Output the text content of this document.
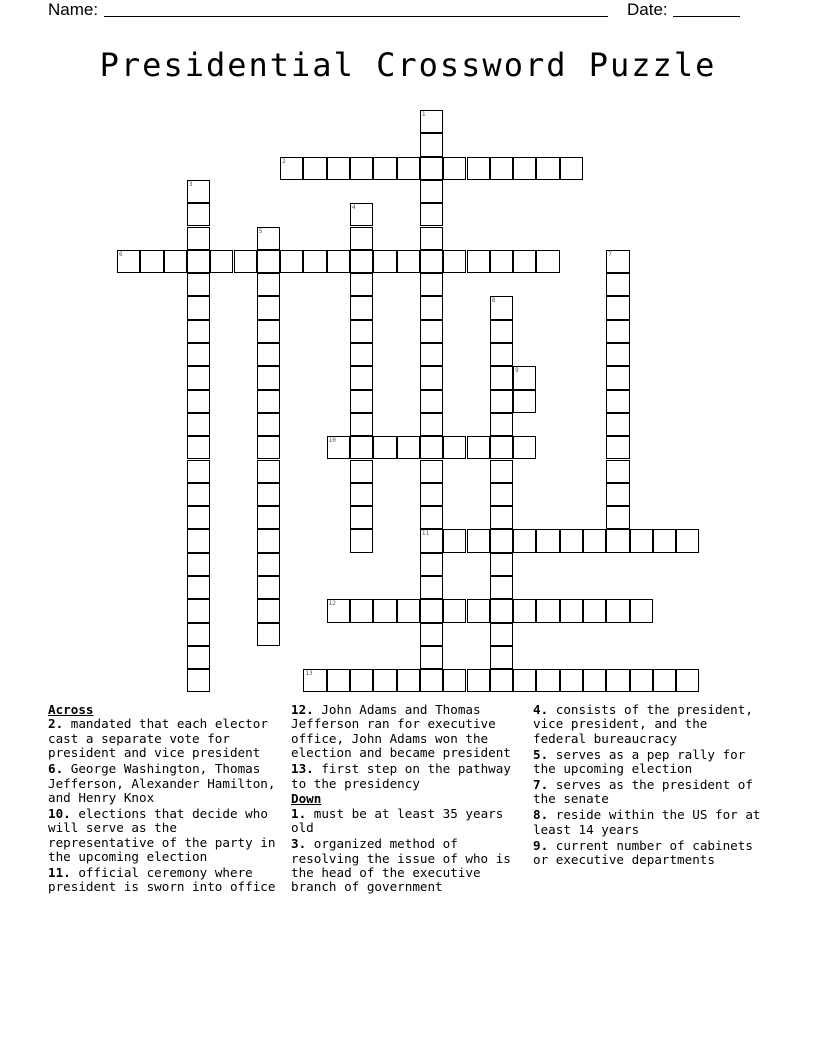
Name:	Date:
Presidential Crossword Puzzle
1
11
2
3
4
5
6	7
8
9
10
12
13
Across
2. mandated that each elector cast a separate vote for president and vice president
6. George Washington, Thomas Jefferson, Alexander Hamilton, and Henry Knox
10. elections that decide who will serve as the representative of the party in the upcoming election
11. official ceremony where president is sworn into office
12. John Adams and Thomas Jefferson ran for executive office, John Adams won the election and became president
13. first step on the pathway to the presidency
Down
1. must be at least 35 years old
3. organized method of resolving the issue of who is the head of the executive branch of government
4. consists of the president, vice president, and the federal bureaucracy
5. serves as a pep rally for the upcoming election
7. serves as the president of the senate
8. reside within the US for at least 14 years
9. current number of cabinets or executive departments
